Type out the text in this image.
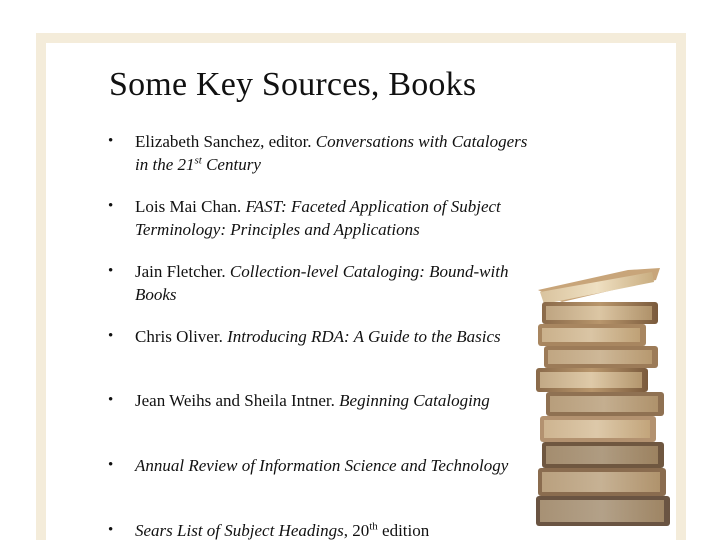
Some Key Sources, Books
• Elizabeth Sanchez, editor. Conversations with Catalogers in the 21st Century
• Lois Mai Chan. FAST: Faceted Application of Subject Terminology: Principles and Applications
• Jain Fletcher. Collection-level Cataloging: Bound-with Books
• Chris Oliver. Introducing RDA: A Guide to the Basics
• Jean Weihs and Sheila Intner. Beginning Cataloging
• Annual Review of Information Science and Technology
• Sears List of Subject Headings, 20th edition
